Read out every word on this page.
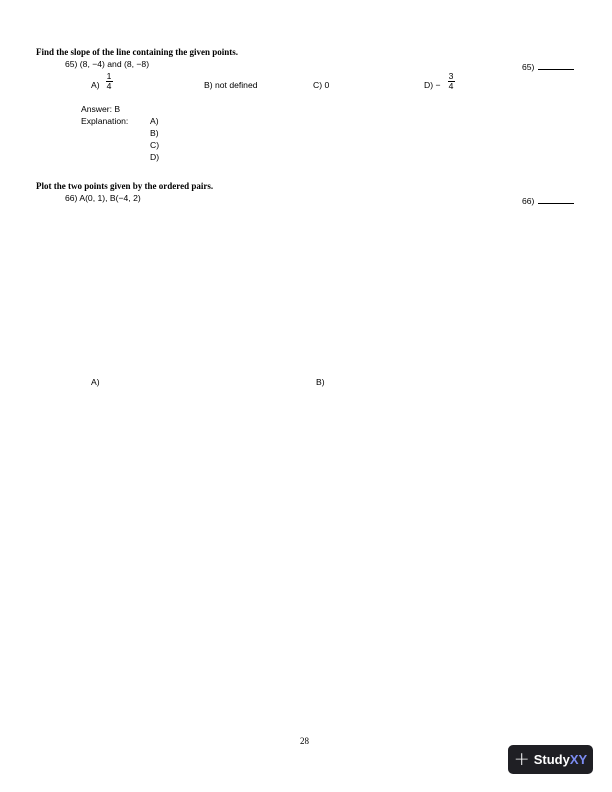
Find the slope of the line containing the given points.
65) (8, −4) and (8, −8)	65)
A)
1
4	B) not defined	C) 0	D) −
3
4
Answer: B
Explanation:	A)
B)
C)
D)
Plot the two points given by the ordered pairs.
66) A(0, 1), B(−4, 2)	66)
A)	B)
28
+ StudyXY
